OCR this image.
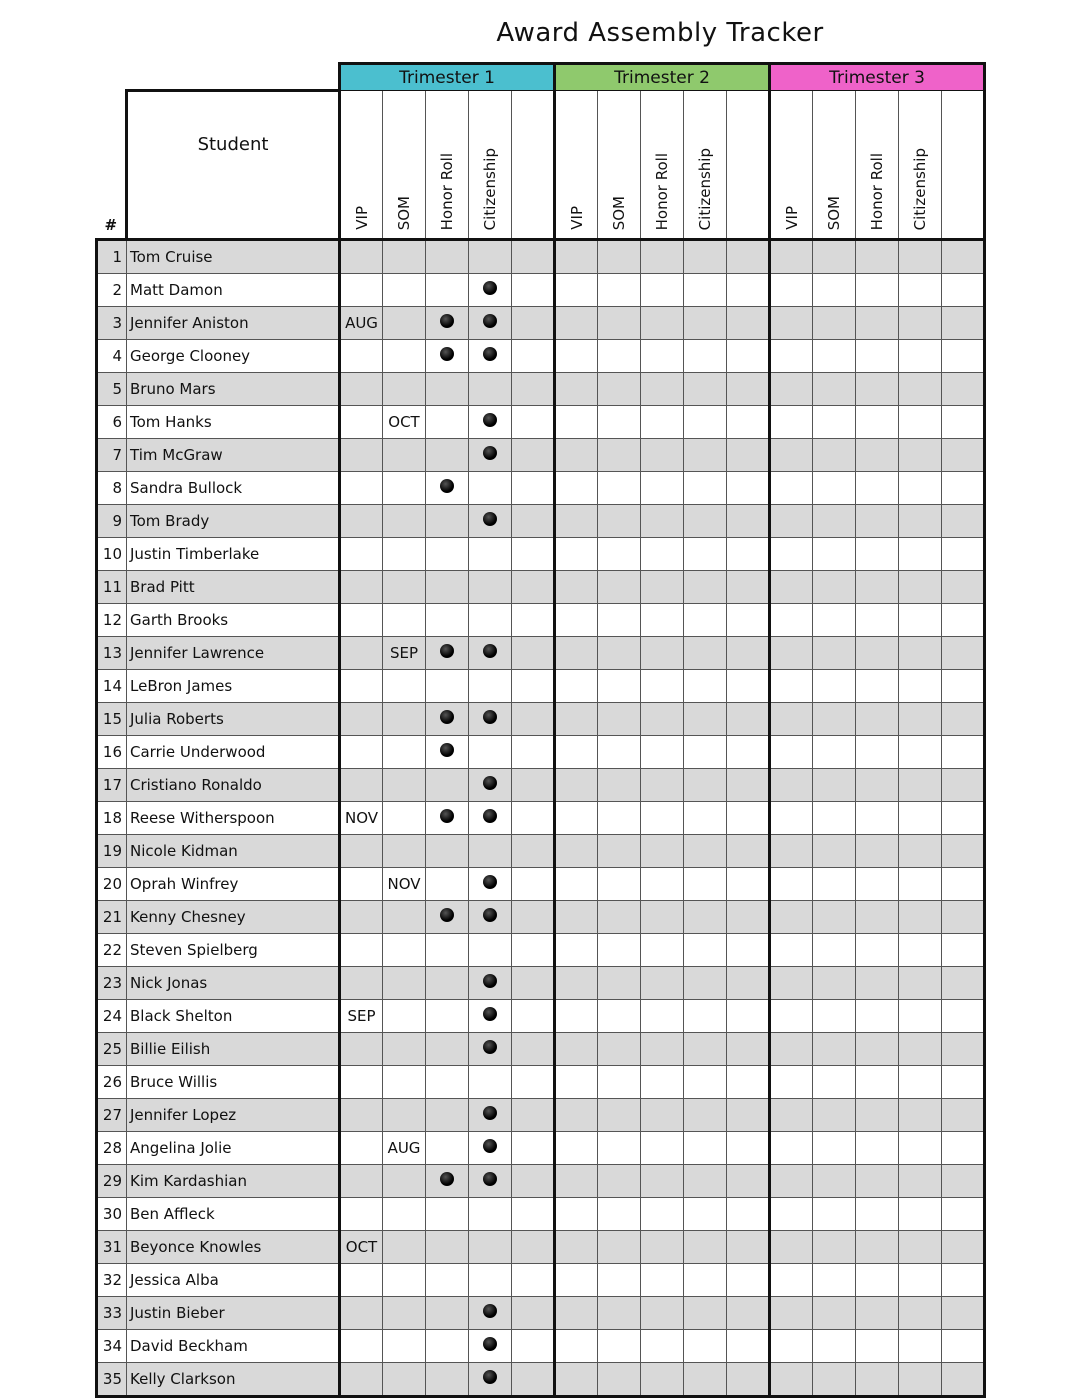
Award Assembly Tracker
		Trimester 1					Trimester 2					Trimester 3				
#	Student	VIP	SOM	Honor Roll	Citizenship		VIP	SOM	Honor Roll	Citizenship		VIP	SOM	Honor Roll	Citizenship	
1	Tom Cruise															
2	Matt Damon															
3	Jennifer Aniston	AUG														
4	George Clooney															
5	Bruno Mars															
6	Tom Hanks		OCT													
7	Tim McGraw															
8	Sandra Bullock															
9	Tom Brady															
10	Justin Timberlake															
11	Brad Pitt															
12	Garth Brooks															
13	Jennifer Lawrence		SEP													
14	LeBron James															
15	Julia Roberts															
16	Carrie Underwood															
17	Cristiano Ronaldo															
18	Reese Witherspoon	NOV														
19	Nicole Kidman															
20	Oprah Winfrey		NOV													
21	Kenny Chesney															
22	Steven Spielberg															
23	Nick Jonas															
24	Black Shelton	SEP														
25	Billie Eilish															
26	Bruce Willis															
27	Jennifer Lopez															
28	Angelina Jolie		AUG													
29	Kim Kardashian															
30	Ben Affleck															
31	Beyonce Knowles	OCT														
32	Jessica Alba															
33	Justin Bieber															
34	David Beckham															
35	Kelly Clarkson															
